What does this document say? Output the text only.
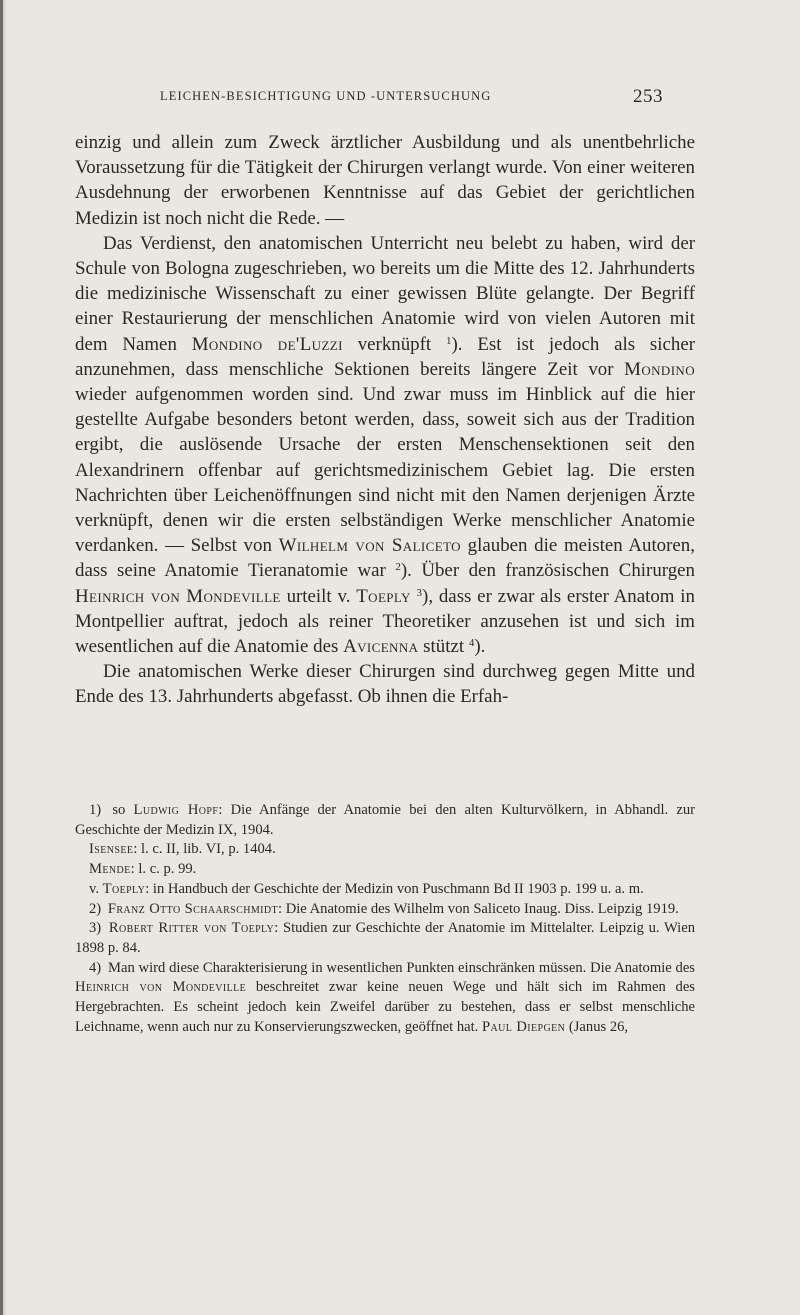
LEICHEN-BESICHTIGUNG UND -UNTERSUCHUNG	253

einzig und allein zum Zweck ärztlicher Ausbildung und als unentbehrliche Voraussetzung für die Tätigkeit der Chirurgen verlangt wurde. Von einer weiteren Ausdehnung der erworbenen Kenntnisse auf das Gebiet der gerichtlichen Medizin ist noch nicht die Rede. —

Das Verdienst, den anatomischen Unterricht neu belebt zu haben, wird der Schule von Bologna zugeschrieben, wo bereits um die Mitte des 12. Jahrhunderts die medizinische Wissenschaft zu einer gewissen Blüte gelangte. Der Begriff einer Restaurierung der menschlichen Anatomie wird von vielen Autoren mit dem Namen Mondino de'Luzzi verknüpft $^1$). Est ist jedoch als sicher anzunehmen, dass menschliche Sektionen bereits längere Zeit vor Mondino wieder aufgenommen worden sind. Und zwar muss im Hinblick auf die hier gestellte Aufgabe besonders betont werden, dass, soweit sich aus der Tradition ergibt, die auslösende Ursache der ersten Menschensektionen seit den Alexandrinern offenbar auf gerichtsmedizinischem Gebiet lag. Die ersten Nachrichten über Leichenöffnungen sind nicht mit den Namen derjenigen Ärzte verknüpft, denen wir die ersten selbständigen Werke menschlicher Anatomie verdanken. — Selbst von Wilhelm von Saliceto glauben die meisten Autoren, dass seine Anatomie Tieranatomie war $^2$). Über den französischen Chirurgen Heinrich von Mondeville urteilt v. Toeply $^3$), dass er zwar als erster Anatom in Montpellier auftrat, jedoch als reiner Theoretiker anzusehen ist und sich im wesentlichen auf die Anatomie des Avicenna stützt $^4$).

Die anatomischen Werke dieser Chirurgen sind durchweg gegen Mitte und Ende des 13. Jahrhunderts abgefasst. Ob ihnen die Erfah-

1) so Ludwig Hopf: Die Anfänge der Anatomie bei den alten Kulturvölkern, in Abhandl. zur Geschichte der Medizin IX, 1904.

Isensee: l. c. II, lib. VI, p. 1404.

Mende: l. c. p. 99.

v. Toeply: in Handbuch der Geschichte der Medizin von Puschmann Bd II 1903 p. 199 u. a. m.

2) Franz Otto Schaarschmidt: Die Anatomie des Wilhelm von Saliceto Inaug. Diss. Leipzig 1919.

3) Robert Ritter von Toeply: Studien zur Geschichte der Anatomie im Mittelalter. Leipzig u. Wien 1898 p. 84.

4) Man wird diese Charakterisierung in wesentlichen Punkten einschränken müssen. Die Anatomie des Heinrich von Mondeville beschreitet zwar keine neuen Wege und hält sich im Rahmen des Hergebrachten. Es scheint jedoch kein Zweifel darüber zu bestehen, dass er selbst menschliche Leichname, wenn auch nur zu Konservierungszwecken, geöffnet hat. Paul Diepgen (Janus 26,
